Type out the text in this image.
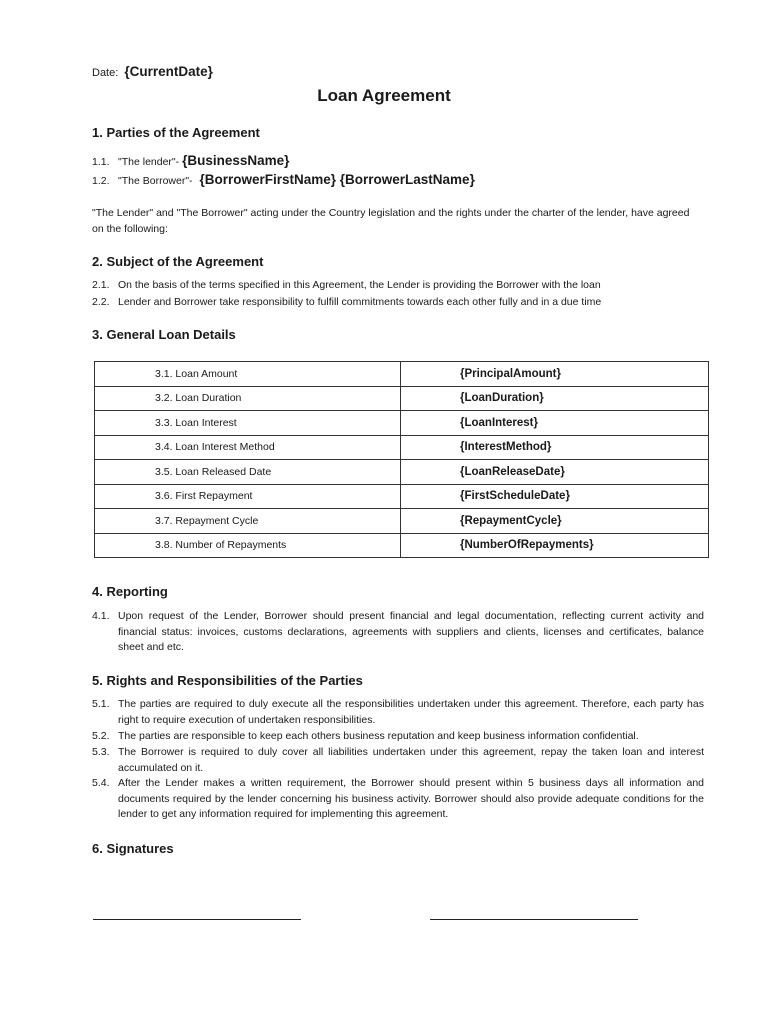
Date: {CurrentDate}
Loan Agreement
1. Parties of the Agreement
1.1. "The lender"- {BusinessName}
1.2. "The Borrower"- {BorrowerFirstName} {BorrowerLastName}
"The Lender" and "The Borrower" acting under the Country legislation and the rights under the charter of the lender, have agreed on the following:
2. Subject of the Agreement
2.1. On the basis of the terms specified in this Agreement, the Lender is providing the Borrower with the loan
2.2. Lender and Borrower take responsibility to fulfill commitments towards each other fully and in a due time
3. General Loan Details
3.1. Loan Amount	{PrincipalAmount}
3.2. Loan Duration	{LoanDuration}
3.3. Loan Interest	{LoanInterest}
3.4. Loan Interest Method	{InterestMethod}
3.5. Loan Released Date	{LoanReleaseDate}
3.6. First Repayment	{FirstScheduleDate}
3.7. Repayment Cycle	{RepaymentCycle}
3.8. Number of Repayments	{NumberOfRepayments}
4. Reporting
4.1. Upon request of the Lender, Borrower should present financial and legal documentation, reflecting current activity and financial status: invoices, customs declarations, agreements with suppliers and clients, licenses and certificates, balance sheet and etc.
5. Rights and Responsibilities of the Parties
5.1. The parties are required to duly execute all the responsibilities undertaken under this agreement. Therefore, each party has right to require execution of undertaken responsibilities.
5.2. The parties are responsible to keep each others business reputation and keep business information confidential.
5.3. The Borrower is required to duly cover all liabilities undertaken under this agreement, repay the taken loan and interest accumulated on it.
5.4. After the Lender makes a written requirement, the Borrower should present within 5 business days all information and documents required by the lender concerning his business activity. Borrower should also provide adequate conditions for the lender to get any information required for implementing this agreement.
6. Signatures
